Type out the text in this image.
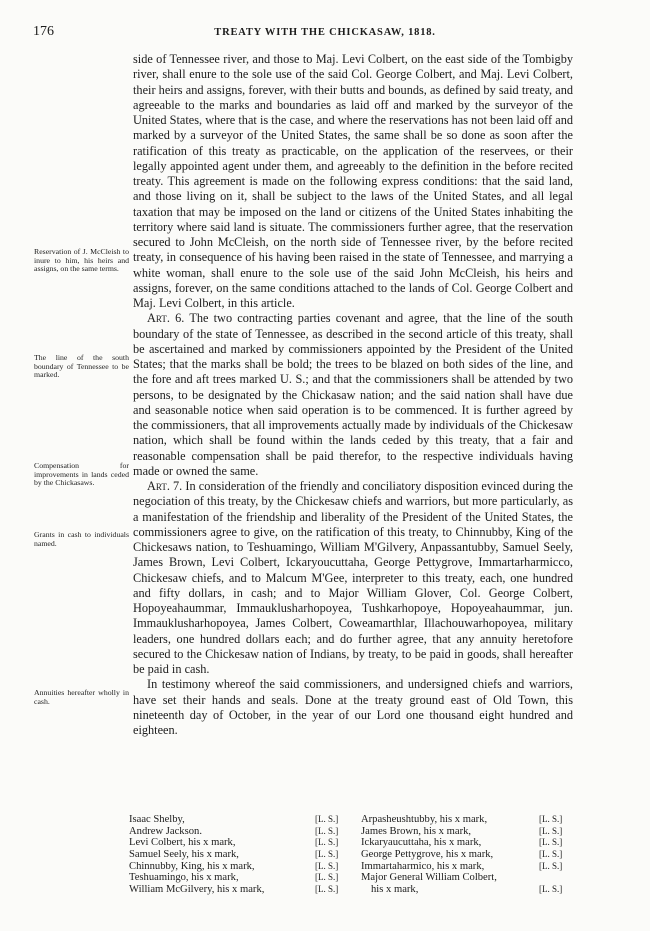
176	TREATY WITH THE CHICKASAW, 1818.
Reservation of J. McCleish to inure to him, his heirs and assigns, on the same terms.
The line of the south boundary of Tennessee to be marked.
Compensation for improvements in lands ceded by the Chickasaws.
Grants in cash to individuals named.
Annuities hereafter wholly in cash.

side of Tennessee river, and those to Maj. Levi Colbert, on the east side of the Tombigby river, shall enure to the sole use of the said Col. George Colbert, and Maj. Levi Colbert, their heirs and assigns, forever, with their butts and bounds, as defined by said treaty, and agreeable to the marks and boundaries as laid off and marked by the surveyor of the United States, where that is the case, and where the reservations has not been laid off and marked by a surveyor of the United States, the same shall be so done as soon after the ratification of this treaty as practicable, on the application of the reservees, or their legally appointed agent under them, and agreeably to the definition in the before recited treaty. This agreement is made on the following express conditions: that the said land, and those living on it, shall be subject to the laws of the United States, and all legal taxation that may be imposed on the land or citizens of the United States inhabiting the territory where said land is situate. The commissioners further agree, that the reservation secured to John McCleish, on the north side of Tennessee river, by the before recited treaty, in consequence of his having been raised in the state of Tennessee, and marrying a white woman, shall enure to the sole use of the said John McCleish, his heirs and assigns, forever, on the same conditions attached to the lands of Col. George Colbert and Maj. Levi Colbert, in this article.

Art. 6. The two contracting parties covenant and agree, that the line of the south boundary of the state of Tennessee, as described in the second article of this treaty, shall be ascertained and marked by commissioners appointed by the President of the United States; that the marks shall be bold; the trees to be blazed on both sides of the line, and the fore and aft trees marked U. S.; and that the commissioners shall be attended by two persons, to be designated by the Chickasaw nation; and the said nation shall have due and seasonable notice when said operation is to be commenced. It is further agreed by the commissioners, that all improvements actually made by individuals of the Chickesaw nation, which shall be found within the lands ceded by this treaty, that a fair and reasonable compensation shall be paid therefor, to the respective individuals having made or owned the same.

Art. 7. In consideration of the friendly and conciliatory disposition evinced during the negociation of this treaty, by the Chickesaw chiefs and warriors, but more particularly, as a manifestation of the friendship and liberality of the President of the United States, the commissioners agree to give, on the ratification of this treaty, to Chinnubby, King of the Chickesaws nation, to Teshuamingo, William M'Gilvery, Anpassantubby, Samuel Seely, James Brown, Levi Colbert, Ickaryoucuttaha, George Pettygrove, Immartarharmicco, Chickesaw chiefs, and to Malcum M'Gee, interpreter to this treaty, each, one hundred and fifty dollars, in cash; and to Major William Glover, Col. George Colbert, Hopoyeahaummar, Immauklusharhopoyea, Tushkarhopoye, Hopoyeahaummar, jun. Immauklusharhopoyea, James Colbert, Coweamarthlar, Illachouwarhopoyea, military leaders, one hundred dollars each; and do further agree, that any annuity heretofore secured to the Chickesaw nation of Indians, by treaty, to be paid in goods, shall hereafter be paid in cash.

In testimony whereof the said commissioners, and undersigned chiefs and warriors, have set their hands and seals. Done at the treaty ground east of Old Town, this nineteenth day of October, in the year of our Lord one thousand eight hundred and eighteen.

Isaac Shelby,	[L. S.]
Andrew Jackson.	[L. S.]
Levi Colbert, his x mark,	[L. S.]
Samuel Seely, his x mark,	[L. S.]
Chinnubby, King, his x mark,	[L. S.]
Teshuamingo, his x mark,	[L. S.]
William McGilvery, his x mark,	[L. S.]
Arpasheushtubby, his x mark,	[L. S.]
James Brown, his x mark,	[L. S.]
Ickaryaucuttaha, his x mark,	[L. S.]
George Pettygrove, his x mark,	[L. S.]
Immartaharmico, his x mark,	[L. S.]
Major General William Colbert,
his x mark,	[L. S.]
